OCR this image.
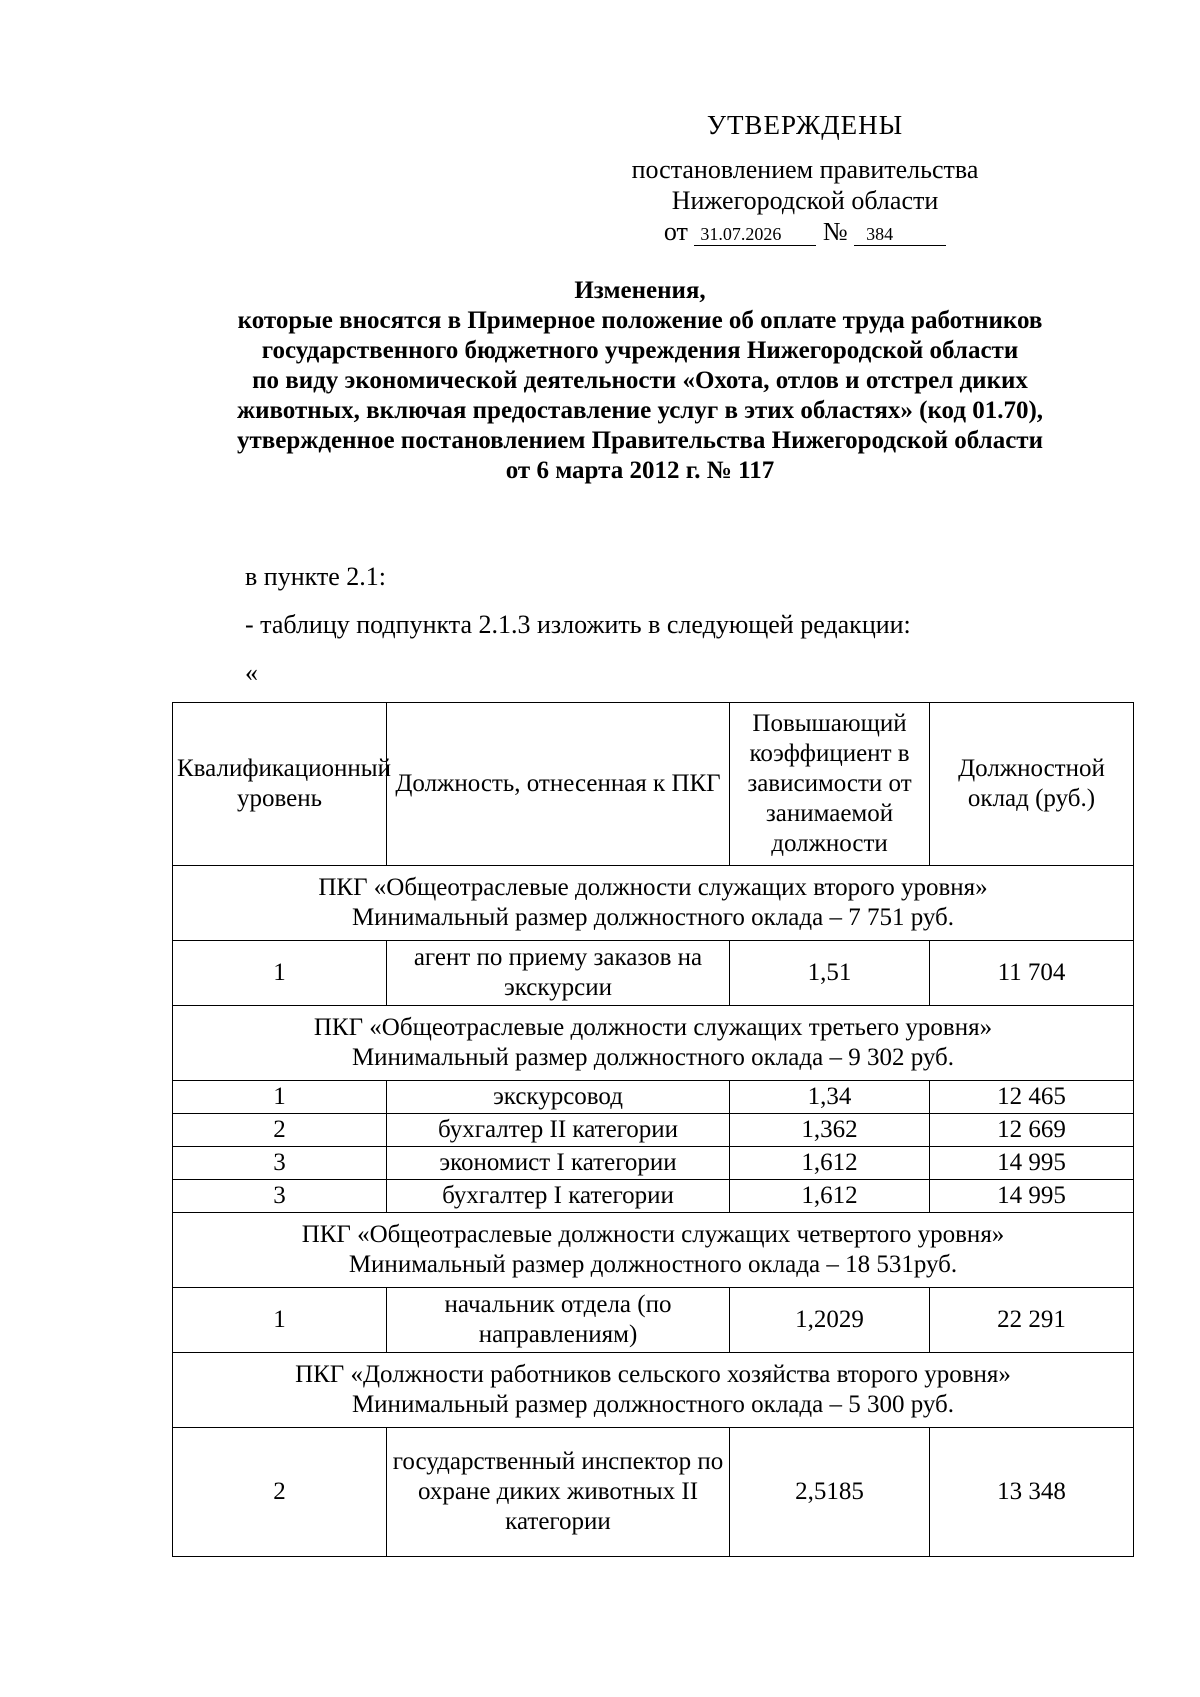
УТВЕРЖДЕНЫ
постановлением правительства
Нижегородской области
от 31.07.2026 № 384
Изменения,
которые вносятся в Примерное положение об оплате труда работников
государственного бюджетного учреждения Нижегородской области
по виду экономической деятельности «Охота, отлов и отстрел диких
животных, включая предоставление услуг в этих областях» (код 01.70),
утвержденное постановлением Правительства Нижегородской области
от 6 марта 2012 г. № 117
в пункте 2.1:
- таблицу подпункта 2.1.3 изложить в следующей редакции:
«
Квалификационный уровень	Должность, отнесенная к ПКГ	Повышающий коэффициент в зависимости от занимаемой должности	Должностной оклад (руб.)

ПКГ «Общеотраслевые должности служащих второго уровня»
Минимальный размер должностного оклада – 7 751 руб.			

1	агент по приему заказов на экскурсии	1,51	11 704

ПКГ «Общеотраслевые должности служащих третьего уровня»
Минимальный размер должностного оклада – 9 302 руб.			

1	экскурсовод	1,34	12 465
2	бухгалтер II категории	1,362	12 669
3	экономист I категории	1,612	14 995
3	бухгалтер I категории	1,612	14 995

ПКГ «Общеотраслевые должности служащих четвертого уровня»
Минимальный размер должностного оклада – 18 531руб.			

1	начальник отдела (по направлениям)	1,2029	22 291

ПКГ «Должности работников сельского хозяйства второго уровня»
Минимальный размер должностного оклада – 5 300 руб.			

2	государственный инспектор по охране диких животных II категории	2,5185	13 348
